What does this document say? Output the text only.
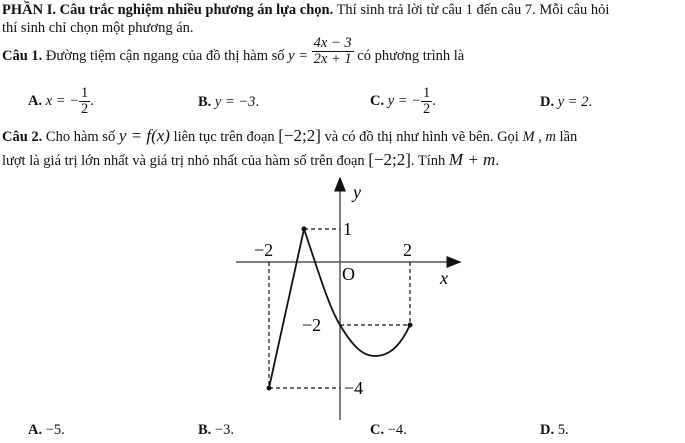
PHẦN I. Câu trắc nghiệm nhiều phương án lựa chọn. Thí sinh trả lời từ câu 1 đến câu 7. Mỗi câu hỏi
thí sinh chỉ chọn một phương án.
Câu 1. Đường tiệm cận ngang của đồ thị hàm số $y = \frac{4x - 3}{2x + 1}$ có phương trình là
A. x = − $\frac{1}{2}$ .	B. y = −3.	C. y = − $\frac{1}{2}$ .	D. y = 2.
Câu 2. Cho hàm số y = f(x) liên tục trên đoạn [−2;2] và có đồ thị như hình vẽ bên. Gọi M , m lần
lượt là giá trị lớn nhất và giá trị nhỏ nhất của hàm số trên đoạn [−2;2]. Tính M + m.
y
x
O
−2	2
1
−2
−4
A. −5.	B. −3.	C. −4.	D. 5.
